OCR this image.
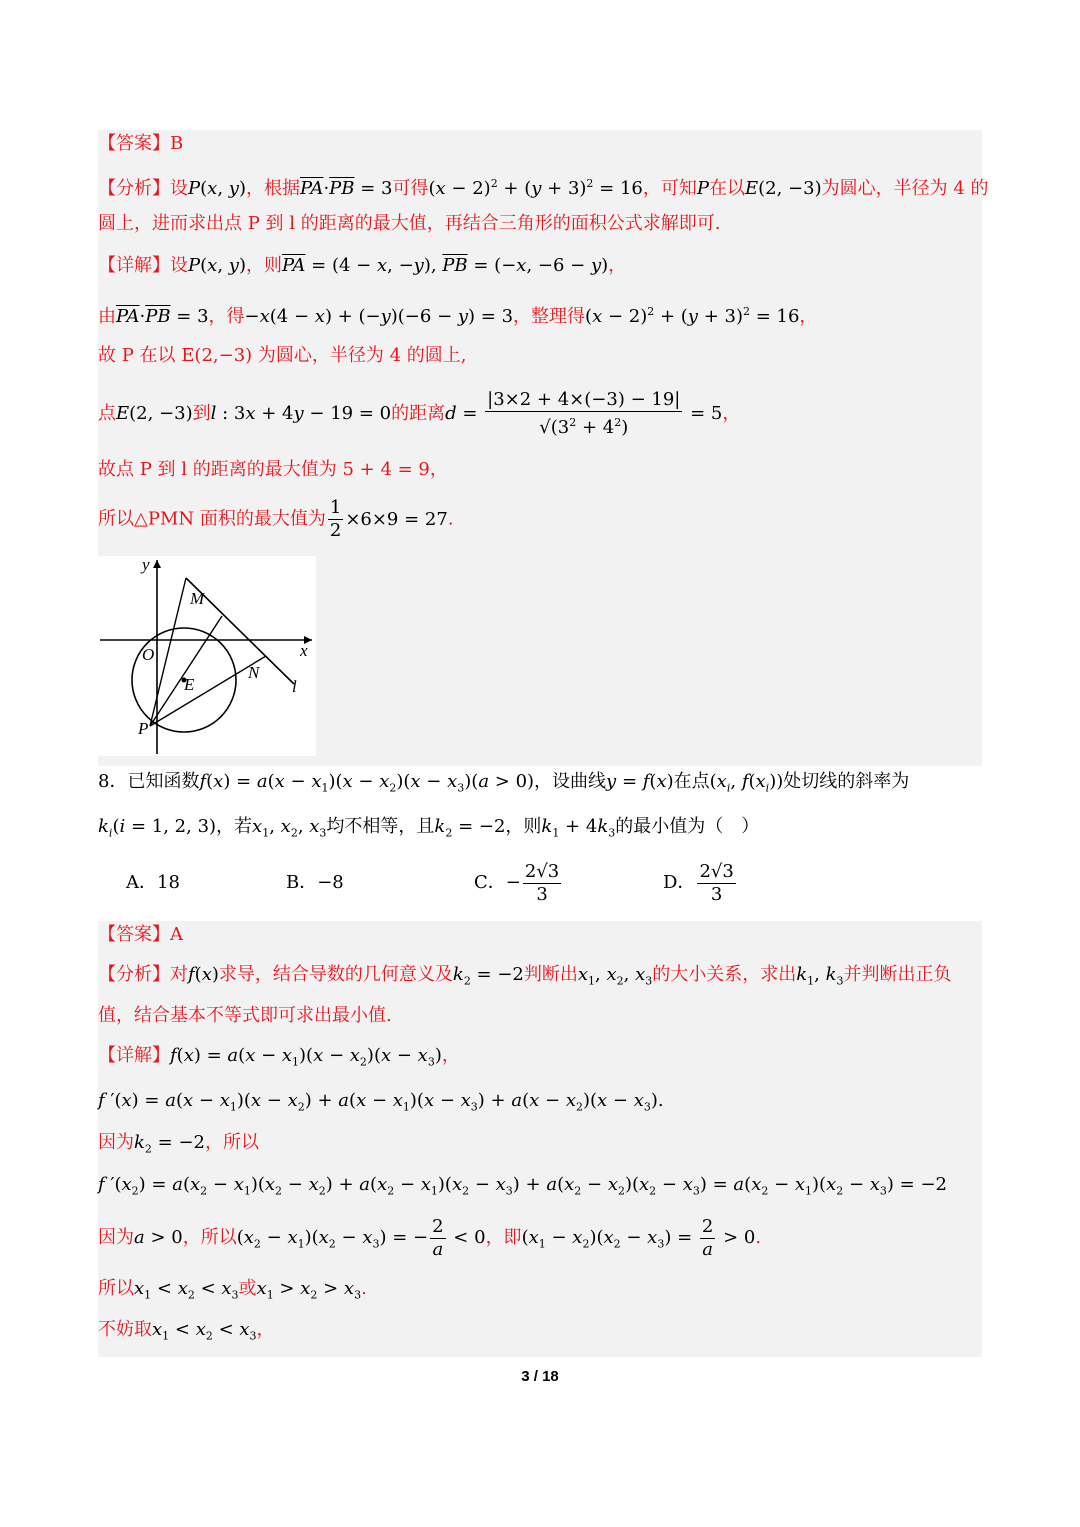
【答案】B
【分析】设P(x, y)，根据$\overline{PA}\cdot\overline{PB} = 3$可得$(x - 2)^2 + (y + 3)^2 = 16$，可知P在以E(2, −3)为圆心，半径为 4 的
圆上，进而求出点 P 到 l 的距离的最大值，再结合三角形的面积公式求解即可.
【详解】设P(x, y)，则$\overline{PA} = (4 - x$, −y), $\overline{PB} = (-x$, −6 − y)，
由$\overline{PA}\cdot\overline{PB} = 3$，得−x(4 − x) + (−y)(−6 − y) = 3，整理得$(x - 2)^2 + (y + 3)^2 = 16$，
故 P 在以 E(2,−3) 为圆心，半径为 4 的圆上,
点E(2, −3)到l : 3x + 4y − 19 = 0的距离$d = \frac{|3\times 2 + 4\times(-3) - 19|}{√(3^2 + 4^2)} = 5$，
故点 P 到 l 的距离的最大值为 5 + 4 = 9，
所以△PMN 面积的最大值为 $\frac{1}{2} \times 6\times 9 = 27$.
y
x
O
M
N
E
P
l
8．已知函数$f(x) = a(x - x_1)(x - x_2)(x - x_3)(a > 0)$，设曲线y = f(x)在点($x_i$, $f(x_i)$)处切线的斜率为
$k_i(i = 1$, 2, 3)，若$x_1$, $x_2$, $x_3$均不相等，且$k_2 = -2$，则$k_1 + 4k_3$的最小值为（　）
A．18	B．−8	C．− $\frac{2√3}{3}$	D． $\frac{2√3}{3}$
【答案】A
【分析】对f(x)求导，结合导数的几何意义及$k_2 = -2$判断出$x_1$, $x_2$, $x_3$的大小关系，求出$k_1$, $k_3$并判断出正负
值，结合基本不等式即可求出最小值.
【详解】$f(x) = a(x - x_1)(x - x_2)(x - x_3)$，
f $'(x) = a(x - x_1)(x - x_2) + a(x - x_1)(x - x_3) + a(x - x_2)(x - x_3)$.
因为$k_2 = -2$，所以
f $'(x_2) = a(x_2 - x_1)(x_2 - x_2) + a(x_2 - x_1)(x_2 - x_3) + a(x_2 - x_2)(x_2 - x_3) = a(x_2 - x_1)(x_2 - x_3) = -2$
因为a > 0，所以$(x_2 - x_1)(x_2 - x_3)$ = − $\frac{2}{a} < 0$，即$(x_1 - x_2)(x_2 - x_3) = \frac{2}{a} > 0$.
所以$x_1 < x_2 < x_3$或$x_1 > x_2 > x_3$.
不妨取$x_1 < x_2 < x_3$，
3 / 18
